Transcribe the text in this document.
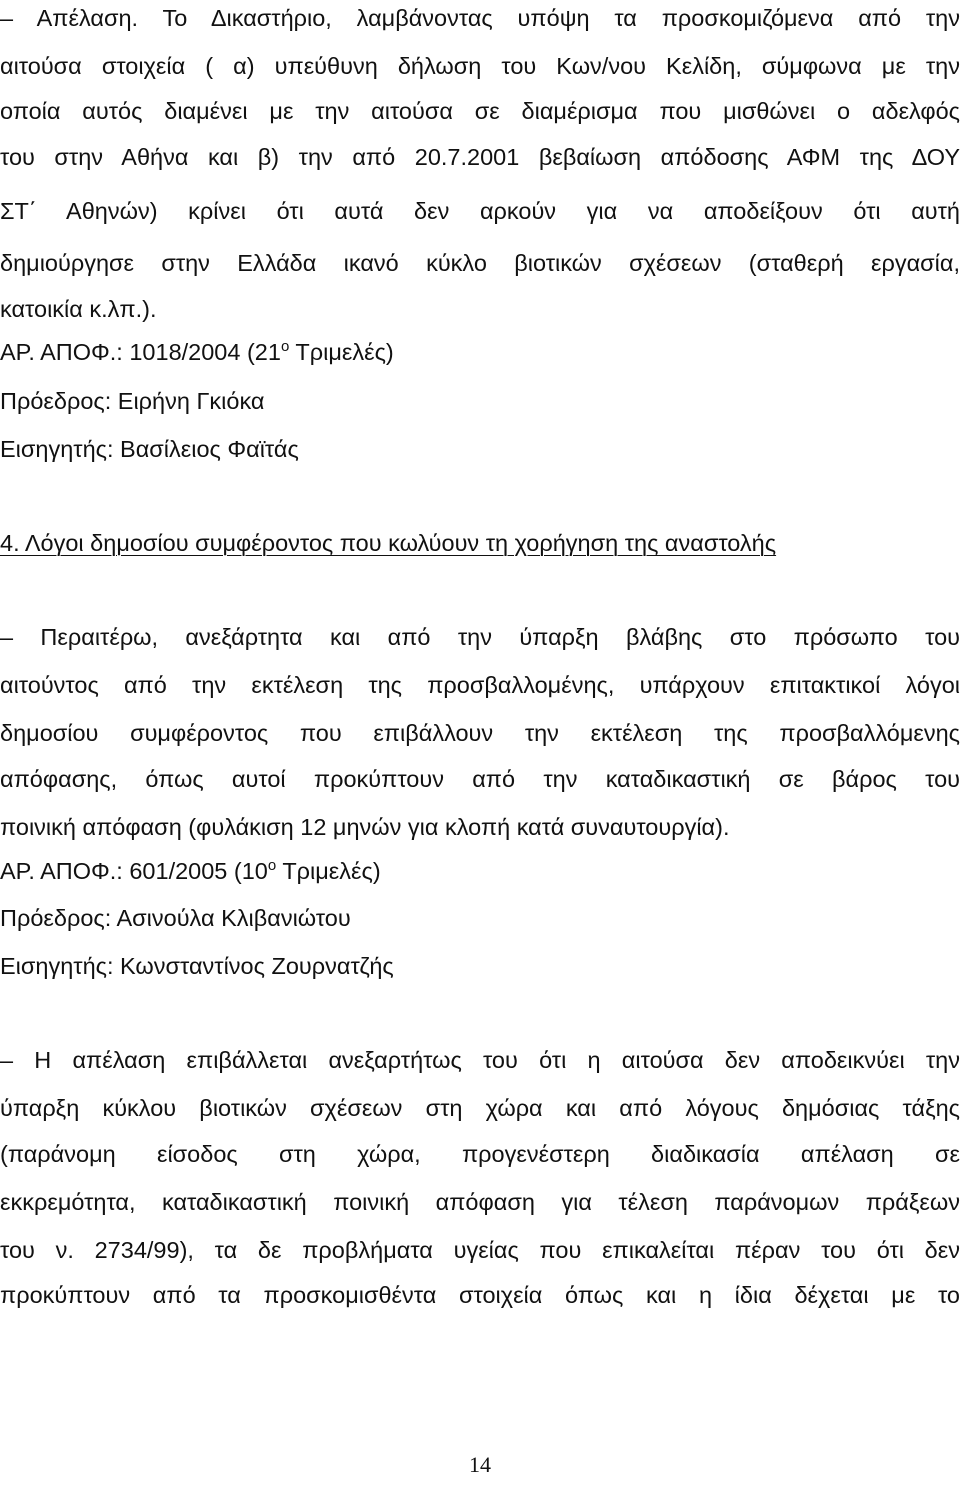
– Απέλαση. Το Δικαστήριο, λαμβάνοντας υπόψη τα προσκομιζόμενα από την
αιτούσα στοιχεία ( α) υπεύθυνη δήλωση του Κων/νου Κελίδη, σύμφωνα με την
οποία αυτός διαμένει με την αιτούσα σε διαμέρισμα που μισθώνει ο αδελφός
του στην Αθήνα και β) την από 20.7.2001 βεβαίωση απόδοσης ΑΦΜ της ΔΟΥ
ΣΤ΄ Αθηνών) κρίνει ότι αυτά δεν αρκούν για να αποδείξουν ότι αυτή
δημιούργησε στην Ελλάδα ικανό κύκλο βιοτικών σχέσεων (σταθερή εργασία,
κατοικία κ.λπ.).
ΑΡ. ΑΠΟΦ.: 1018/2004 ($21^o$ Τριμελές)
Πρόεδρος: Ειρήνη Γκιόκα
Εισηγητής: Βασίλειος Φαϊτάς
4. Λόγοι δημοσίου συμφέροντος που κωλύουν τη χορήγηση της αναστολής
– Περαιτέρω, ανεξάρτητα και από την ύπαρξη βλάβης στο πρόσωπο του
αιτούντος από την εκτέλεση της προσβαλλομένης, υπάρχουν επιτακτικοί λόγοι
δημοσίου συμφέροντος που επιβάλλουν την εκτέλεση της προσβαλλόμενης
απόφασης, όπως αυτοί προκύπτουν από την καταδικαστική σε βάρος του
ποινική απόφαση (φυλάκιση 12 μηνών για κλοπή κατά συναυτουργία).
ΑΡ. ΑΠΟΦ.: 601/2005 ($10^o$ Τριμελές)
Πρόεδρος: Ασινούλα Κλιβανιώτου
Εισηγητής: Κωνσταντίνος Ζουρνατζής
– Η απέλαση επιβάλλεται ανεξαρτήτως του ότι η αιτούσα δεν αποδεικνύει την
ύπαρξη κύκλου βιοτικών σχέσεων στη χώρα και από λόγους δημόσιας τάξης
(παράνομη είσοδος στη χώρα, προγενέστερη διαδικασία απέλαση σε
εκκρεμότητα, καταδικαστική ποινική απόφαση για τέλεση παράνομων πράξεων
του ν. 2734/99), τα δε προβλήματα υγείας που επικαλείται πέραν του ότι δεν
προκύπτουν από τα προσκομισθέντα στοιχεία όπως και η ίδια δέχεται με το
14
